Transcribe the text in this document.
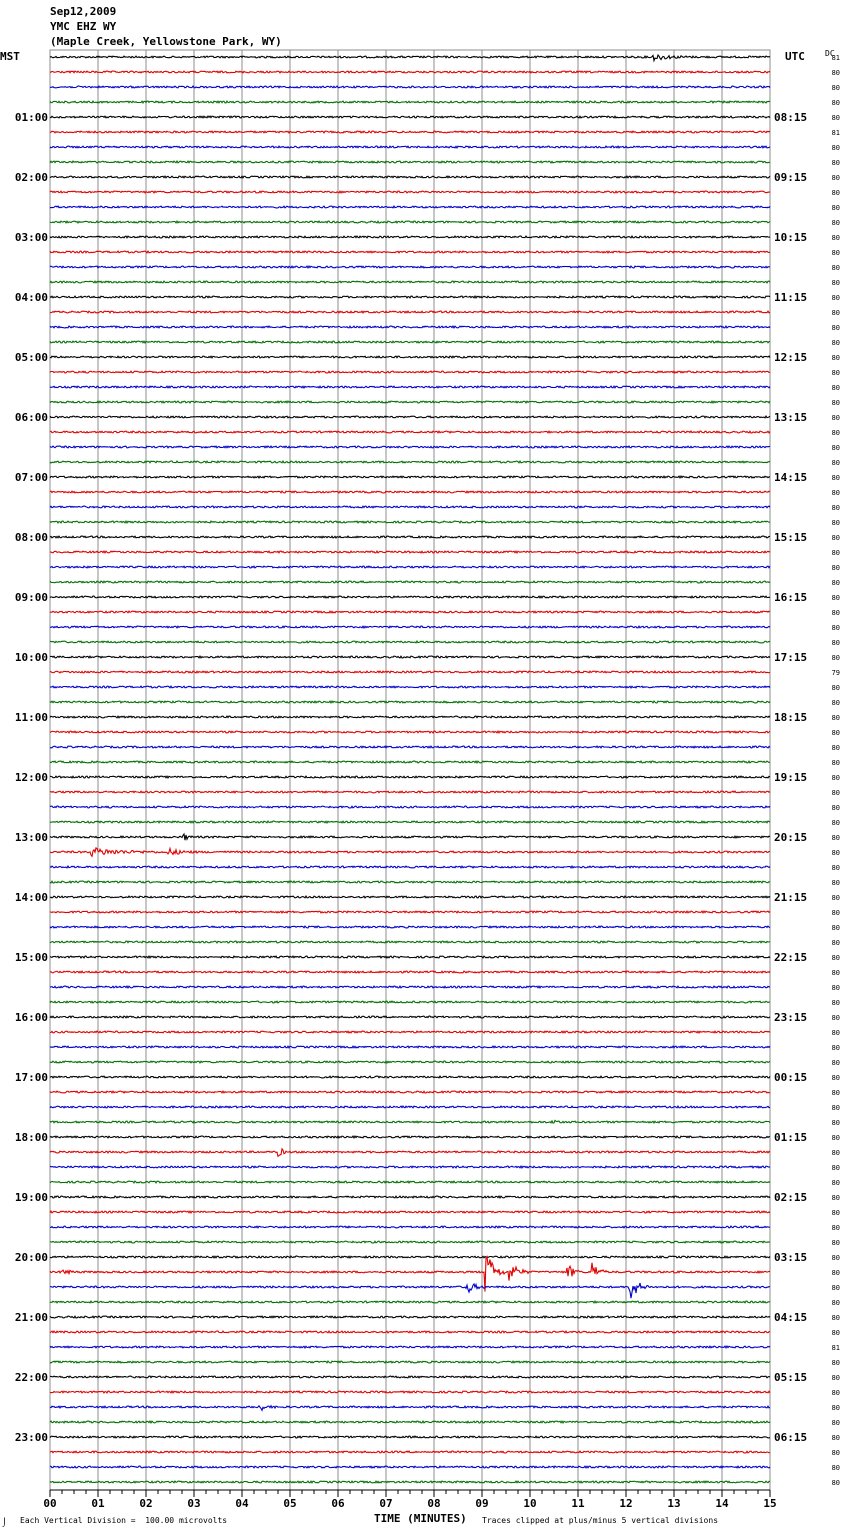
Sep12,2009
YMC EHZ WY
(Maple Creek, Yellowstone Park, WY)
MST	UTC	DC
81
80
80
80
80
81
80
80
80
80
80
80
80
80
80
80
80
80
80
80
80
80
80
80
80
80
80
80
80
80
80
80
80
80
80
80
80
80
80
80
80
79
80
80
80
80
80
80
80
80
80
80
80
80
80
80
80
80
80
80
80
80
80
80
80
80
80
80
80
80
80
80
80
80
80
80
80
80
80
80
80
80
80
80
80
80
81
80
80
80
80
80
80
80
80
80
01:00
02:00
03:00
04:00
05:00
06:00
07:00
08:00
09:00
10:00
11:00
12:00
13:00
14:00
15:00
16:00
17:00
18:00
19:00
20:00
21:00
22:00
23:00
08:15
09:15
10:15
11:15
12:15
13:15
14:15
15:15
16:15
17:15
18:15
19:15
20:15
21:15
22:15
23:15
00:15
01:15
02:15
03:15
04:15
05:15
06:15
00	01	02	03	04	05	06	07	08	09	10	11	12	13	14	15
TIME (MINUTES)
⌡ Each Vertical Division =  100.00 microvolts	Traces clipped at plus/minus 5 vertical divisions
